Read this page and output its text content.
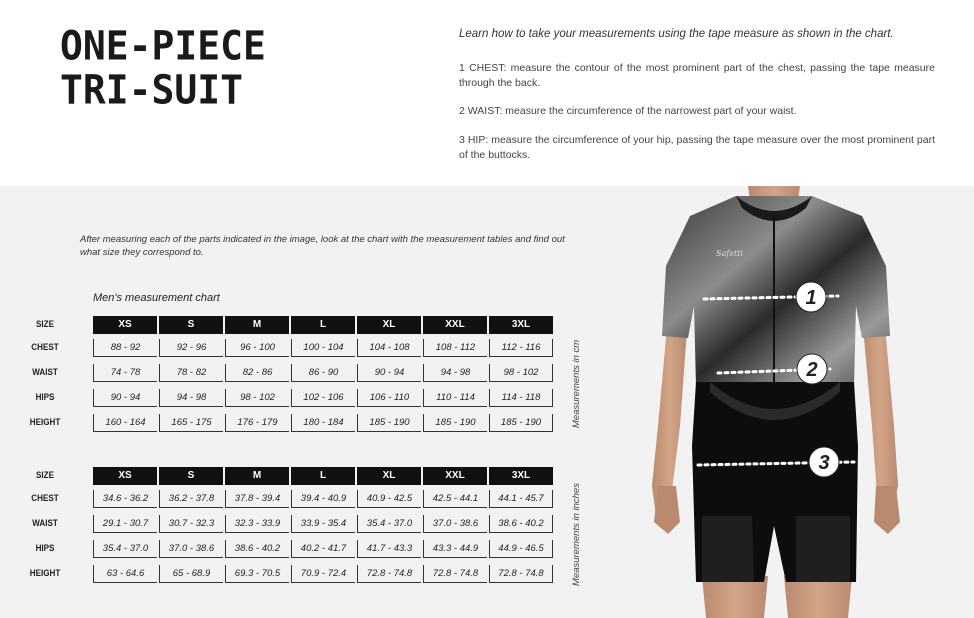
ONE-PIECE
TRI-SUIT
Learn how to take your measurements using the tape measure as shown in the chart.
1 CHEST: measure the contour of the most prominent part of the chest, passing the tape measure through the back.
2 WAIST: measure the circumference of the narrowest part of your waist.
3 HIP: measure the circumference of your hip, passing the tape measure over the most prominent part of the buttocks.
After measuring each of the parts indicated in the image, look at the chart with the measurement tables and find out what size they correspond to.
Men's measurement chart
SIZE	XS	S	M	L	XL	XXL	3XL
CHEST	88 - 92	92 - 96	96 - 100	100 - 104	104 - 108	108 - 112	112 - 116
WAIST	74 - 78	78 - 82	82 - 86	86 - 90	90 - 94	94 - 98	98 - 102
HIPS	90 - 94	94 - 98	98 - 102	102 - 106	106 - 110	110 - 114	114 - 118
HEIGHT	160 - 164	165 - 175	176 - 179	180 - 184	185 - 190	185 - 190	185 - 190	Measurements in cm
SIZE	XS	S	M	L	XL	XXL	3XL
CHEST	34.6 - 36.2	36.2 - 37.8	37.8 - 39.4	39.4 - 40.9	40.9 - 42.5	42.5 - 44.1	44.1 - 45.7
WAIST	29.1 - 30.7	30.7 - 32.3	32.3 - 33.9	33.9 - 35.4	35.4 - 37.0	37.0 - 38.6	38.6 - 40.2
HIPS	35.4 - 37.0	37.0 - 38.6	38.6 - 40.2	40.2 - 41.7	41.7 - 43.3	43.3 - 44.9	44.9 - 46.5
HEIGHT	63 - 64.6	65 - 68.9	69.3 - 70.5	70.9 - 72.4	72.8 - 74.8	72.8 - 74.8	72.8 - 74.8	Measurements in inches
Safetti
1
2
3
